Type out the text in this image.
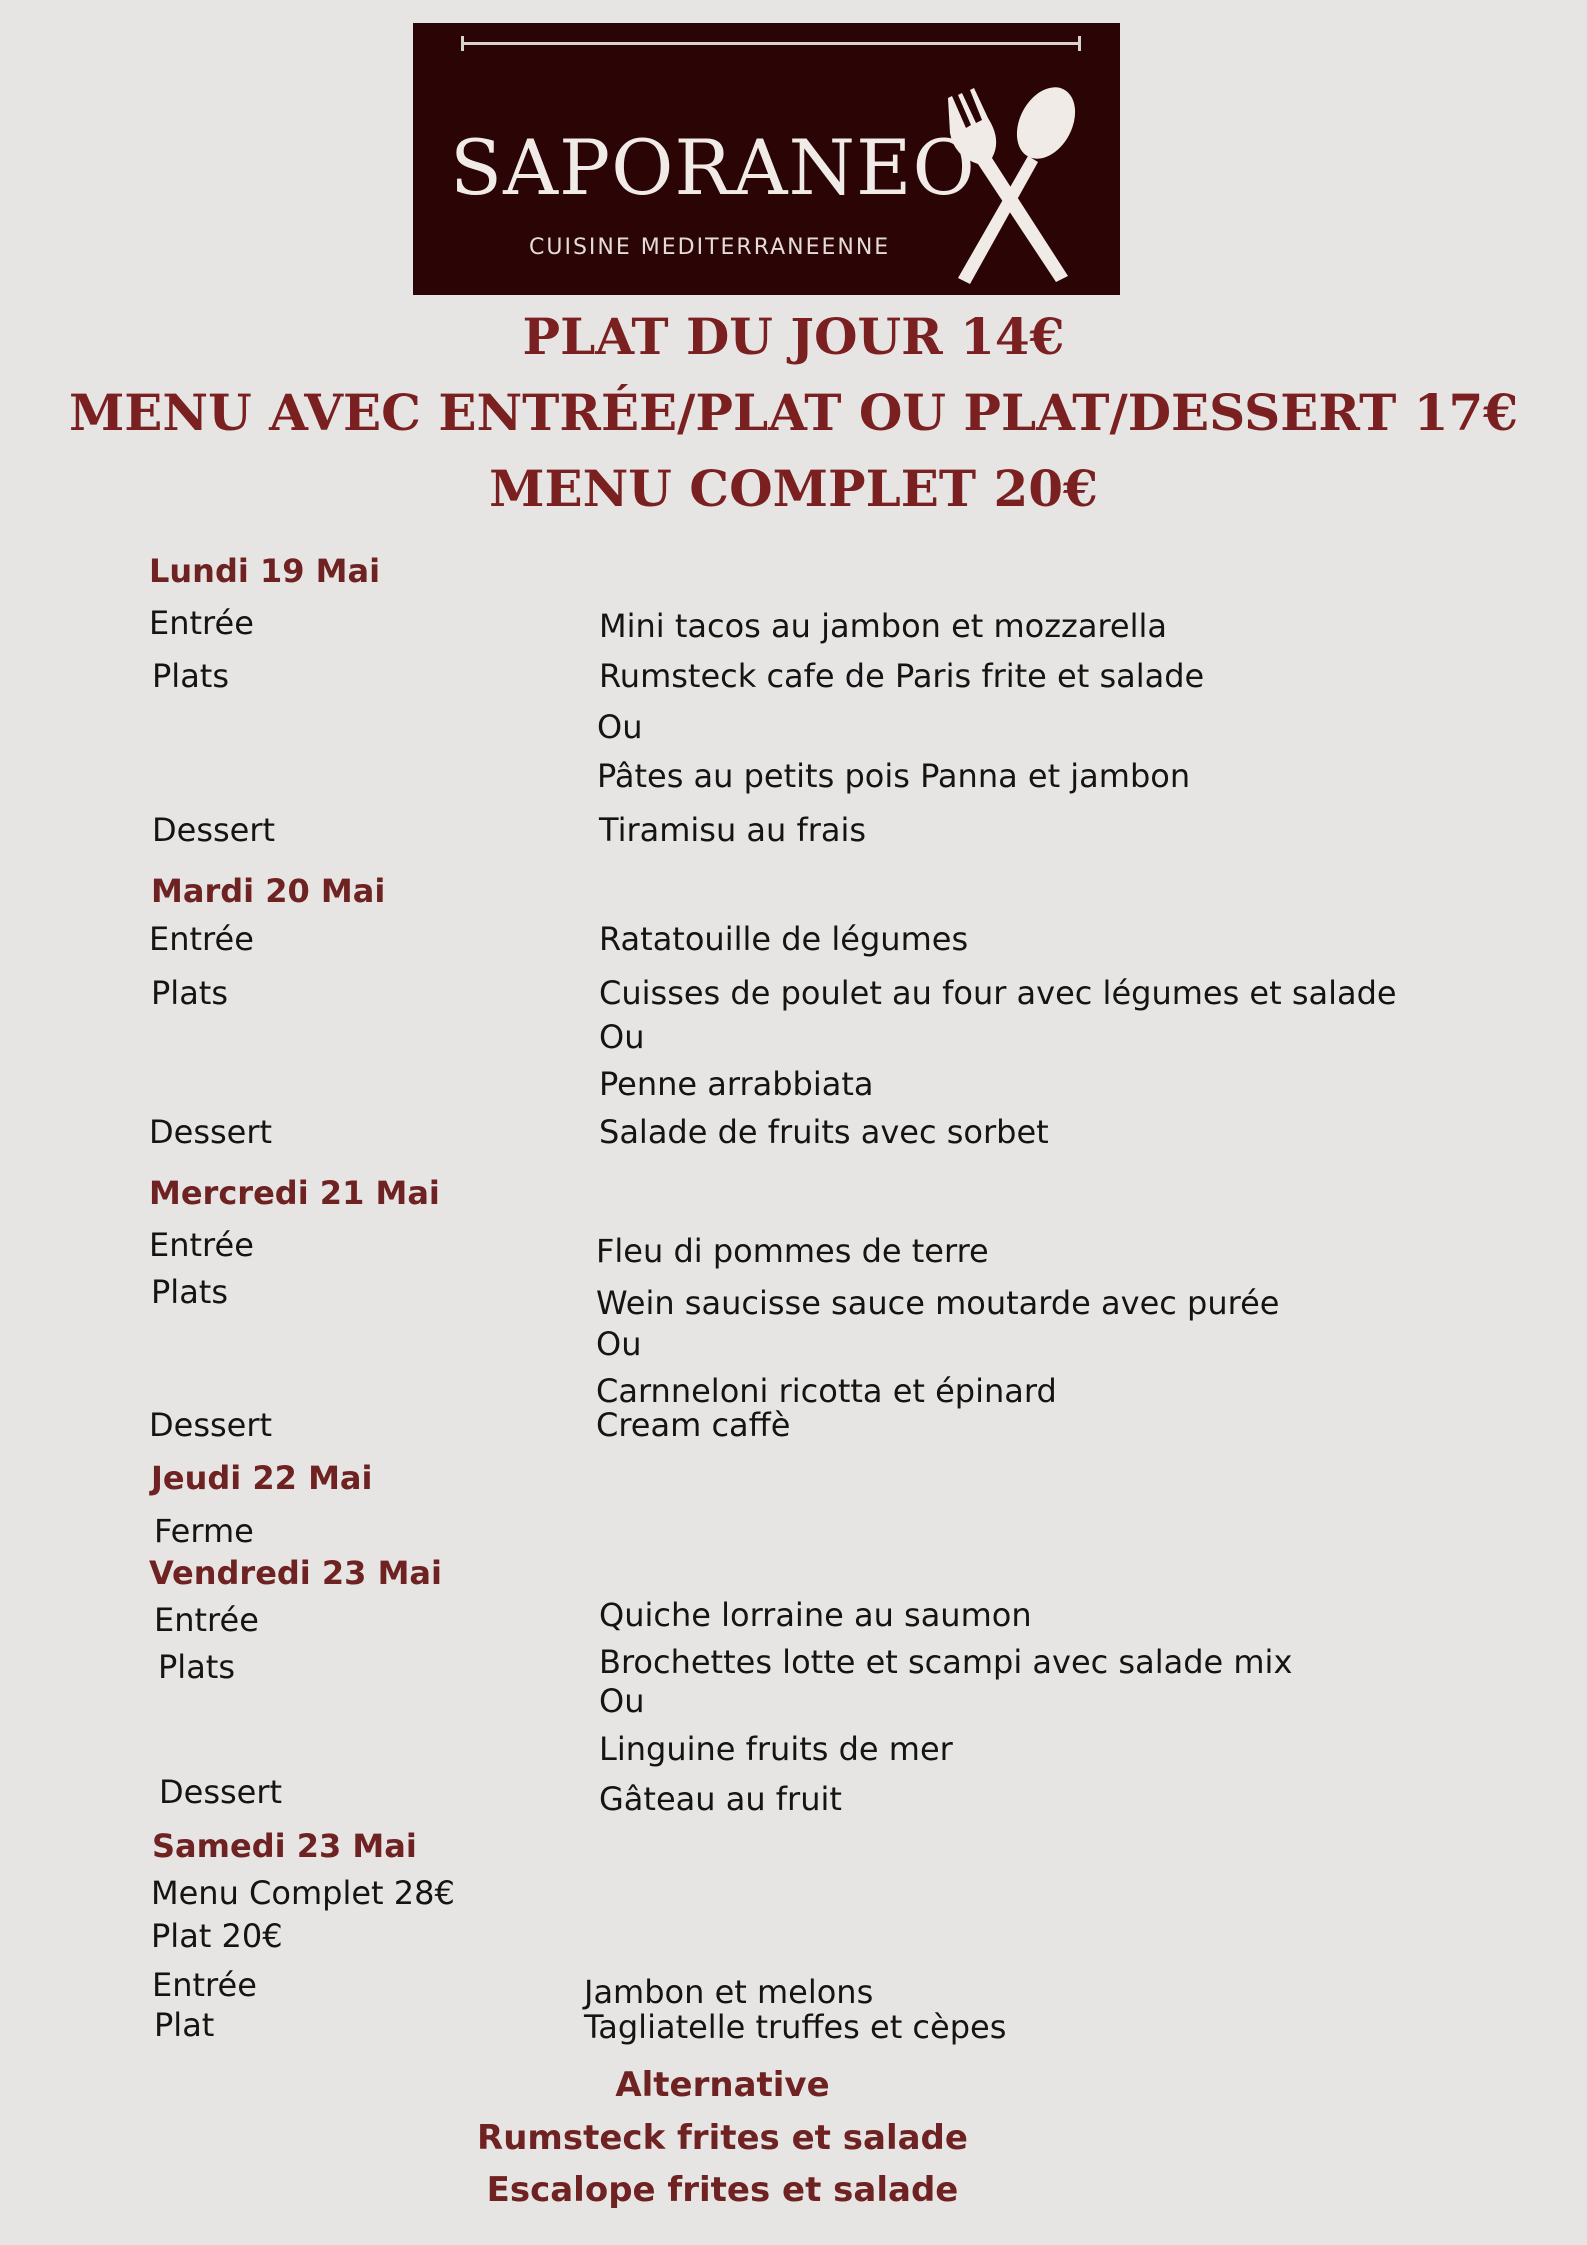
SAPORANEO
CUISINE MEDITERRANEENNE
PLAT DU JOUR 14€
MENU AVEC ENTRÉE/PLAT OU PLAT/DESSERT 17€
MENU COMPLET 20€
Lundi 19 Mai
Entrée	Mini tacos au jambon et mozzarella
Plats	Rumsteck cafe de Paris frite et salade
Ou
Pâtes au petits pois Panna et jambon
Dessert	Tiramisu au frais
Mardi 20 Mai
Entrée	Ratatouille de légumes
Plats	Cuisses de poulet au four avec légumes et salade
Ou
Penne arrabbiata
Dessert	Salade de fruits avec sorbet
Mercredi 21 Mai
Entrée	Fleu di pommes de terre
Plats	Wein saucisse sauce moutarde avec purée
Ou
Carnneloni ricotta et épinard
Dessert	Cream caffè
Jeudi 22 Mai
Ferme
Vendredi 23 Mai
Entrée	Quiche lorraine au saumon
Plats	Brochettes lotte et scampi avec salade mix
Ou
Linguine fruits de mer
Dessert	Gâteau au fruit
Samedi 23 Mai
Menu Complet 28€
Plat 20€
Entrée	Jambon et melons
Plat	Tagliatelle truffes et cèpes
Alternative
Rumsteck frites et salade
Escalope frites et salade
